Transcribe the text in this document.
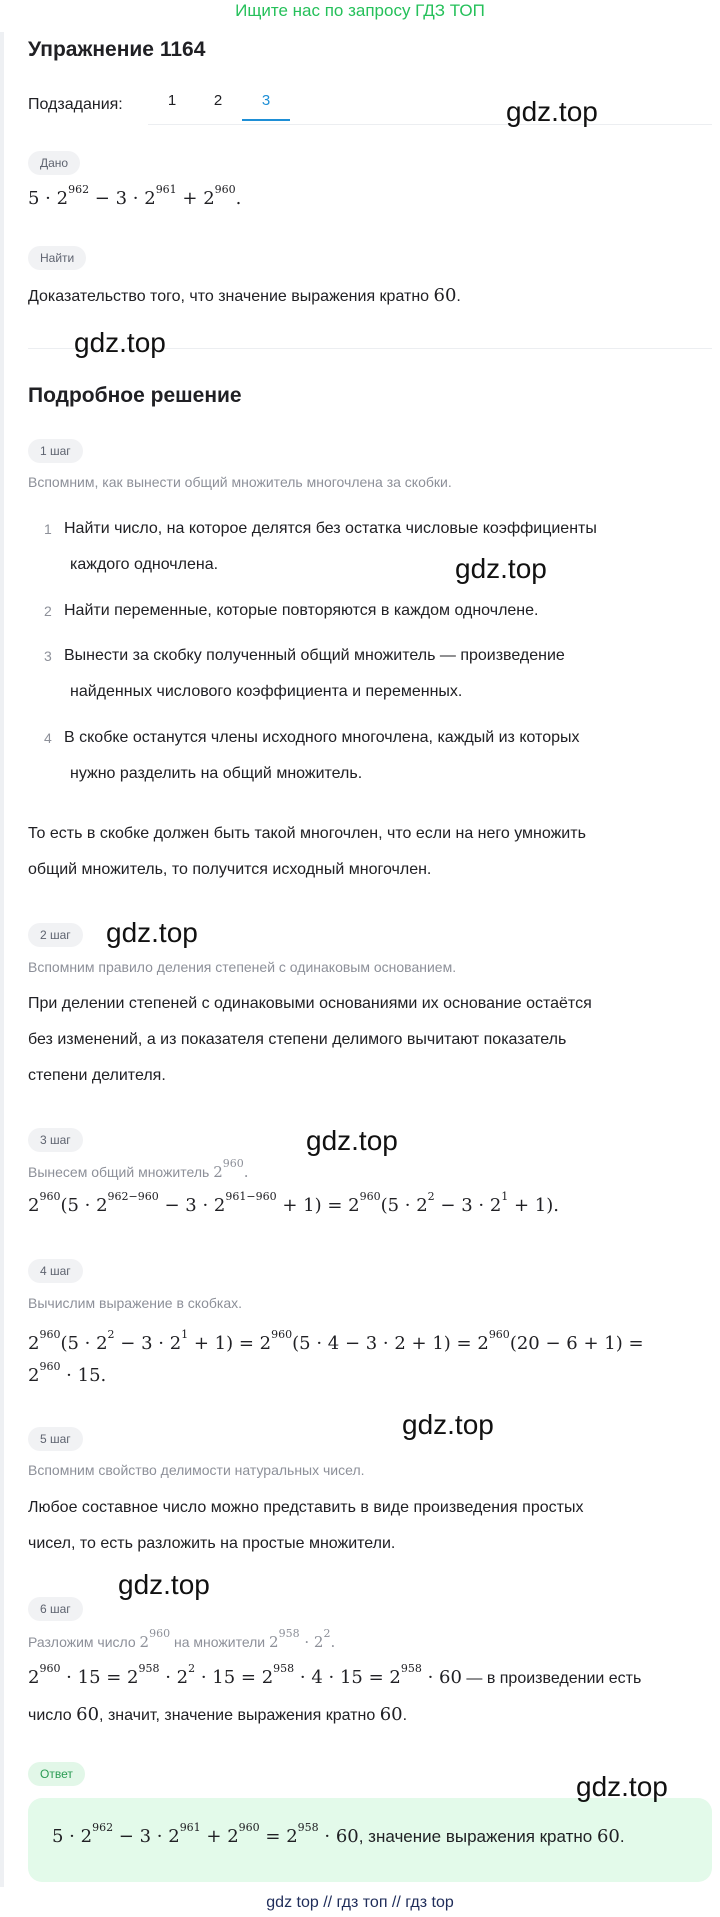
Ищите нас по запросу ГДЗ ТОП
Упражнение 1164
Подзадания:	1	2	3
Дано
$5 \cdot 2^{962} - 3 \cdot 2^{961} + 2^{960}$.
Найти
Доказательство того, что значение выражения кратно 60.
Подробное решение
1 шаг
Вспомним, как вынести общий множитель многочлена за скобки.
1 Найти число, на которое делятся без остатка числовые коэффициенты
каждого одночлена.
2 Найти переменные, которые повторяются в каждом одночлене.
3 Вынести за скобку полученный общий множитель — произведение
найденных числового коэффициента и переменных.
4 В скобке останутся члены исходного многочлена, каждый из которых
нужно разделить на общий множитель.
То есть в скобке должен быть такой многочлен, что если на него умножить
общий множитель, то получится исходный многочлен.
2 шаг
Вспомним правило деления степеней с одинаковым основанием.
При делении степеней с одинаковыми основаниями их основание остаётся
без изменений, а из показателя степени делимого вычитают показатель
степени делителя.
3 шаг
Вынесем общий множитель $2^{960}$.
$2^{960}(5 \cdot 2^{962-960} - 3 \cdot 2^{961-960} + 1) = 2^{960}(5 \cdot 2^2 - 3 \cdot 2^1 + 1)$.
4 шаг
Вычислим выражение в скобках.
$2^{960}(5 \cdot 2^2 - 3 \cdot 2^1 + 1) = 2^{960}(5 \cdot 4 - 3 \cdot 2 + 1) = 2^{960}(20 - 6 + 1)$ =
$2^{960} \cdot 15$.
5 шаг
Вспомним свойство делимости натуральных чисел.
Любое составное число можно представить в виде произведения простых
чисел, то есть разложить на простые множители.
6 шаг
Разложим число $2^{960}$ на множители $2^{958} \cdot 2^2$.
$2^{960} \cdot 15 = 2^{958} \cdot 2^2 \cdot 15 = 2^{958} \cdot 4 \cdot 15 = 2^{958} \cdot 60$ — в произведении есть
число 60, значит, значение выражения кратно 60.
Ответ
$5 \cdot 2^{962} - 3 \cdot 2^{961} + 2^{960} = 2^{958} \cdot 60$, значение выражения кратно 60.
gdz.top
gdz.top
gdz.top
gdz.top
gdz.top
gdz.top
gdz.top
gdz.top
gdz top // гдз топ // гдз top
